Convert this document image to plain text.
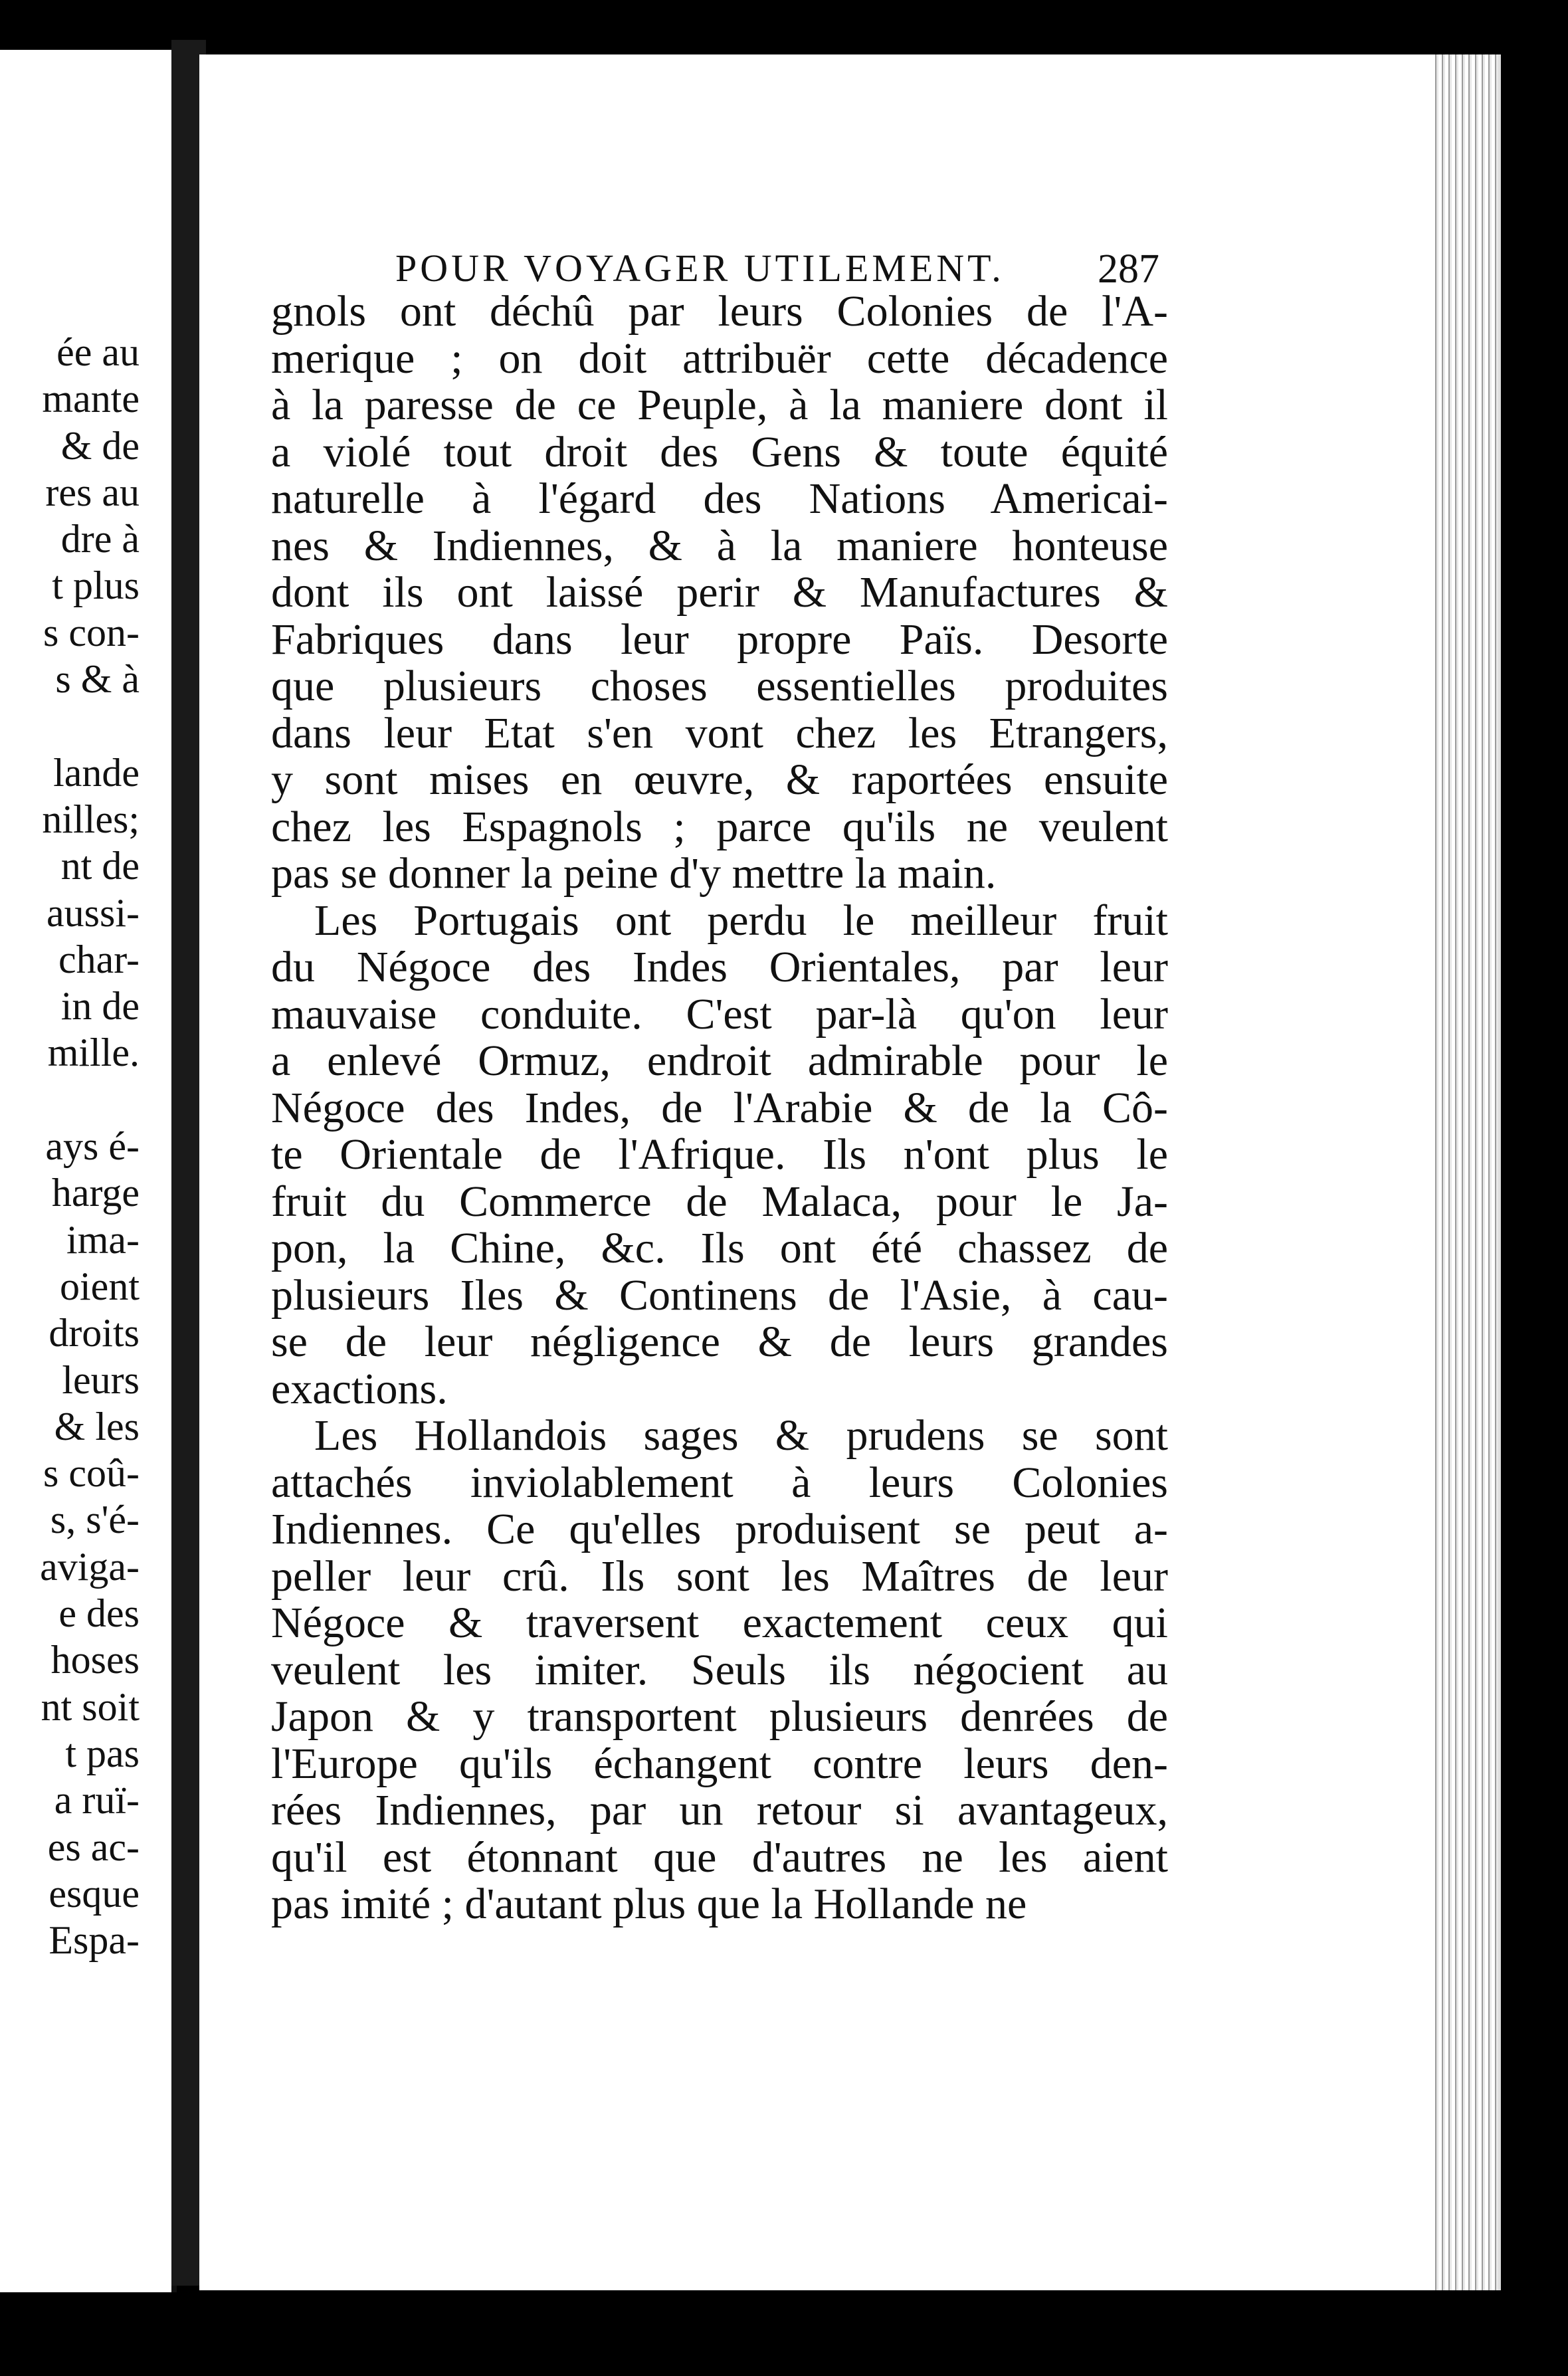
ée au
mante
& de
res au
dre à
t plus
s con-
s & à
lande
nilles;
nt de
aussi-
char-
in de
mille.
ays é-
harge
ima-
oient
droits
leurs
& les
s coû-
s, s'é-
aviga-
e des
hoses
nt soit
t pas
a ruï-
es ac-
esque
Espa-
POUR VOYAGER UTILEMENT. 287
gnols ont déchû par leurs Colonies de l'A-
merique ; on doit attribuër cette décadence
à la paresse de ce Peuple, à la maniere dont il
a violé tout droit des Gens & toute équité
naturelle à l'égard des Nations Americai-
nes & Indiennes, & à la maniere honteuse
dont ils ont laissé perir & Manufactures &
Fabriques dans leur propre Païs. Desorte
que plusieurs choses essentielles produites
dans leur Etat s'en vont chez les Etrangers,
y sont mises en œuvre, & raportées ensuite
chez les Espagnols ; parce qu'ils ne veulent
pas se donner la peine d'y mettre la main.
Les Portugais ont perdu le meilleur fruit
du Négoce des Indes Orientales, par leur
mauvaise conduite. C'est par-là qu'on leur
a enlevé Ormuz, endroit admirable pour le
Négoce des Indes, de l'Arabie & de la Cô-
te Orientale de l'Afrique. Ils n'ont plus le
fruit du Commerce de Malaca, pour le Ja-
pon, la Chine, &c. Ils ont été chassez de
plusieurs Iles & Continens de l'Asie, à cau-
se de leur négligence & de leurs grandes
exactions.
Les Hollandois sages & prudens se sont
attachés inviolablement à leurs Colonies
Indiennes. Ce qu'elles produisent se peut a-
peller leur crû. Ils sont les Maîtres de leur
Négoce & traversent exactement ceux qui
veulent les imiter. Seuls ils négocient au
Japon & y transportent plusieurs denrées de
l'Europe qu'ils échangent contre leurs den-
rées Indiennes, par un retour si avantageux,
qu'il est étonnant que d'autres ne les aient
pas imité ; d'autant plus que la Hollande ne
